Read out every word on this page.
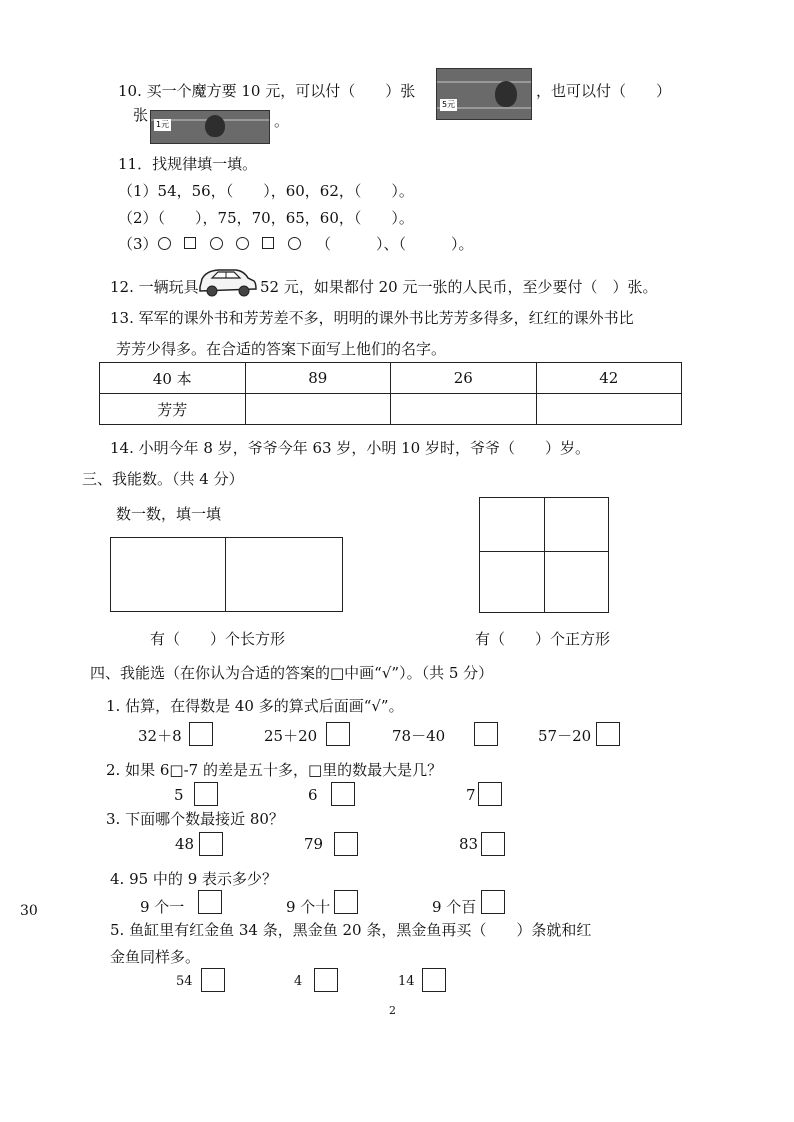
10. 买一个魔方要 10 元，可以付（　　）张
5元
，也可以付（　　）
张
1元	。
11．找规律填一填。
（1）54，56，（　　），60，62，（　　）。
（2）（　　），75，70，65，60，（　　）。
（3）	（　　　）、（　　　）。
12. 一辆玩具	52 元，如果都付 20 元一张的人民币，至少要付（　）张。
13. 军军的课外书和芳芳差不多，明明的课外书比芳芳多得多，红红的课外书比
芳芳少得多。在合适的答案下面写上他们的名字。
40 本	89	26	42
芳芳			
14. 小明今年 8 岁，爷爷今年 63 岁，小明 10 岁时，爷爷（　　）岁。
三、我能数。（共 4 分）
数一数，填一填
有（　　）个长方形	有（　　）个正方形
四、我能选（在你认为合适的答案的□中画“√”）。（共 5 分）
1. 估算，在得数是 40 多的算式后面画“√”。
32＋8	25＋20	78－40	57－20
2. 如果 6□-7 的差是五十多，□里的数最大是几？
5	6	7
3. 下面哪个数最接近 80？
48	79	83
4. 95 中的 9 表示多少？
9 个一	9 个十	9 个百
30
5. 鱼缸里有红金鱼 34 条，黑金鱼 20 条，黑金鱼再买（　　）条就和红
金鱼同样多。
54	4	14
2
